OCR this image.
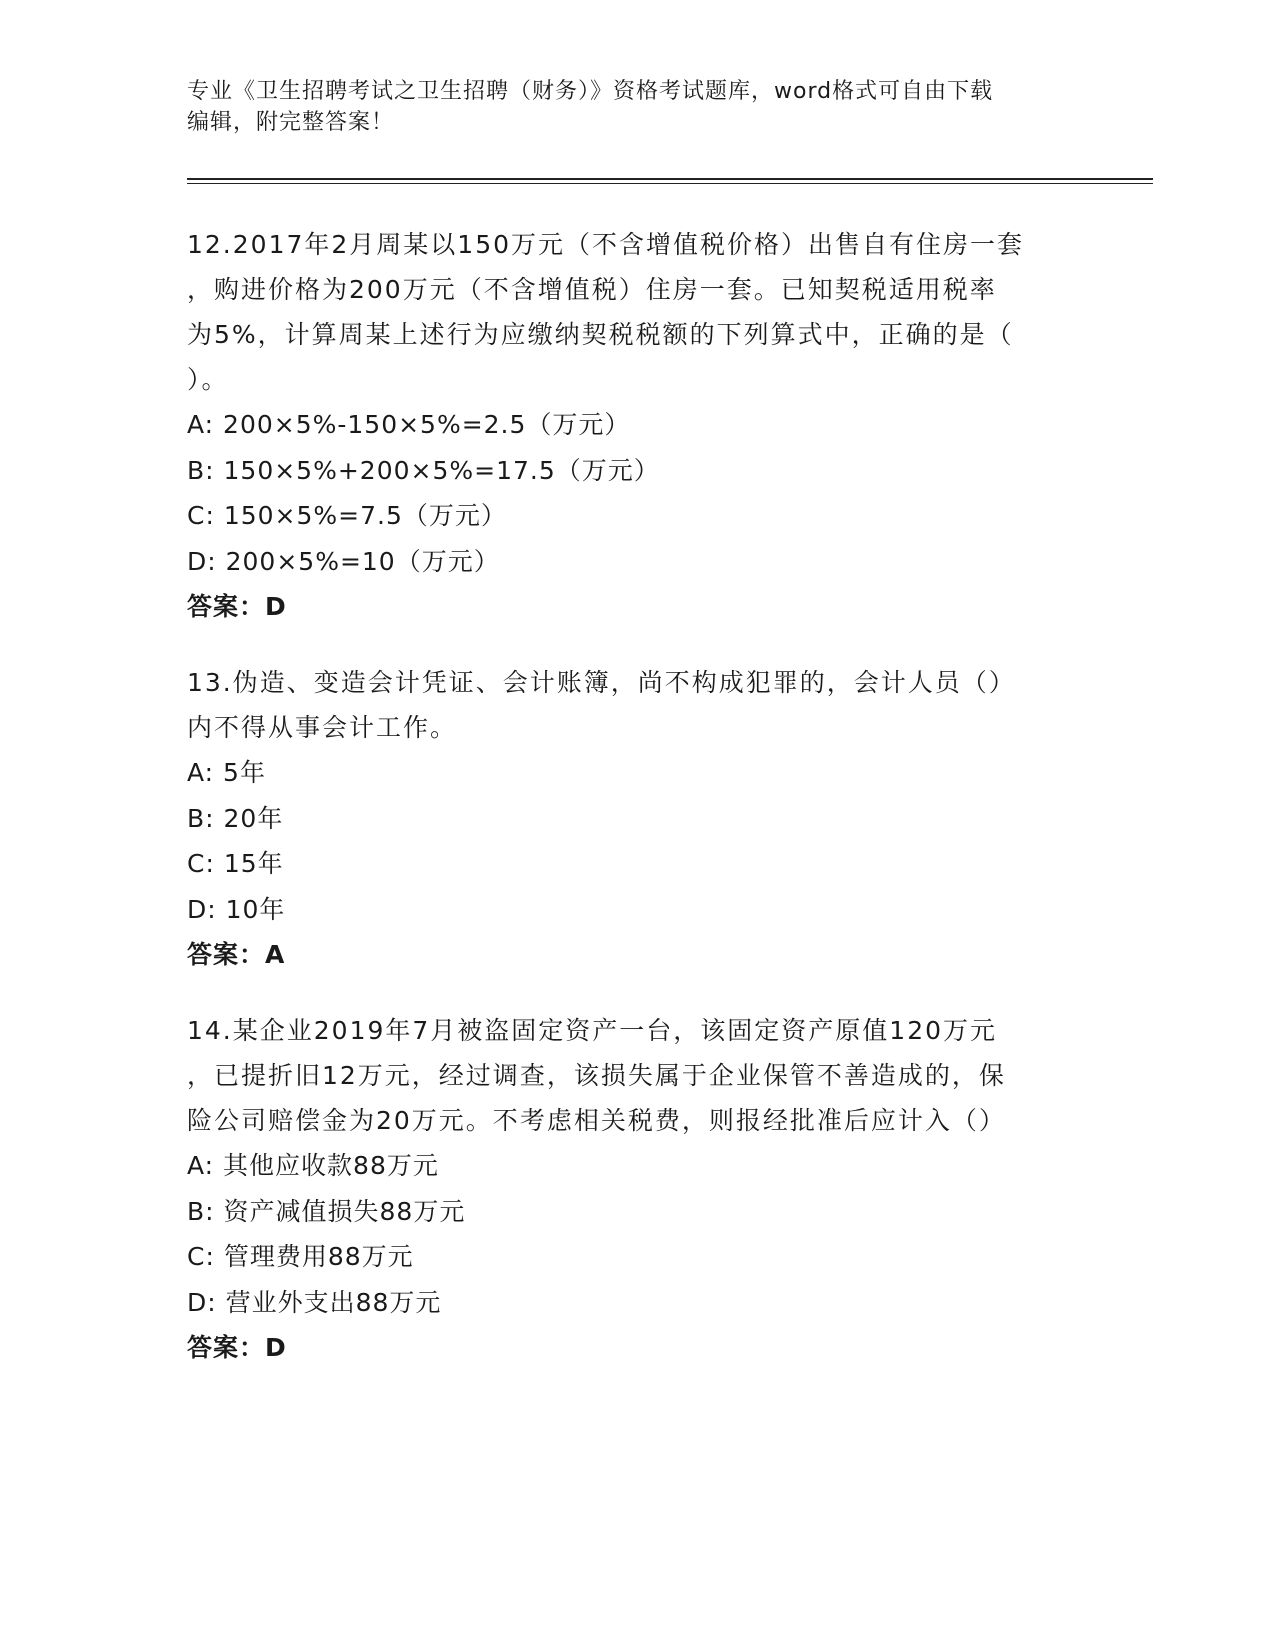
专业《卫生招聘考试之卫生招聘（财务）》资格考试题库，word格式可自由下载
编辑，附完整答案！
12.2017年2月周某以150万元（不含增值税价格）出售自有住房一套
，购进价格为200万元（不含增值税）住房一套。已知契税适用税率
为5%，计算周某上述行为应缴纳契税税额的下列算式中，正确的是（
）。
A: 200×5%-150×5%=2.5（万元）
B: 150×5%+200×5%=17.5（万元）
C: 150×5%=7.5（万元）
D: 200×5%=10（万元）
答案：D
13.伪造、变造会计凭证、会计账簿，尚不构成犯罪的，会计人员（）
内不得从事会计工作。
A: 5年
B: 20年
C: 15年
D: 10年
答案：A
14.某企业2019年7月被盗固定资产一台，该固定资产原值120万元
，已提折旧12万元，经过调查，该损失属于企业保管不善造成的，保
险公司赔偿金为20万元。不考虑相关税费，则报经批准后应计入（）
A: 其他应收款88万元
B: 资产减值损失88万元
C: 管理费用88万元
D: 营业外支出88万元
答案：D
